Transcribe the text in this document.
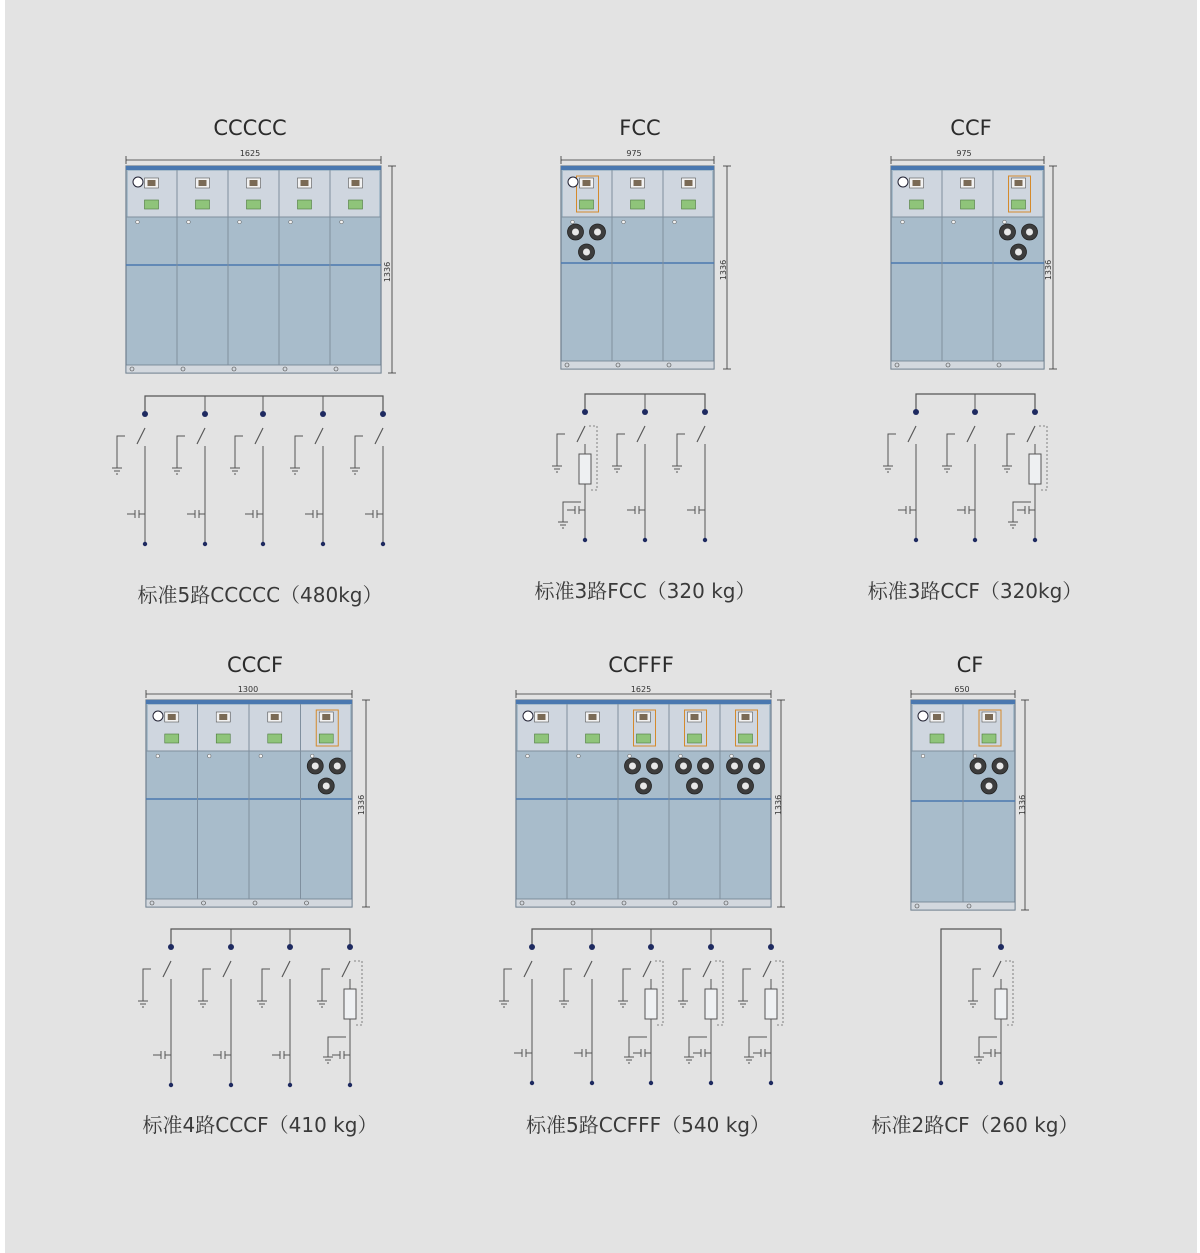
CCCCC	FCC	CCF
CCCF	CCFFF	CF
1625	975	975
1300	1625	650
1336	1336	1336
1336	1336	1336
标准5路CCCCC（480kg）	标准3路FCC（320 kg）	标准3路CCF（320kg）
标准4路CCCF（410 kg）	标准5路CCFFF（540 kg）	标准2路CF（260 kg）
